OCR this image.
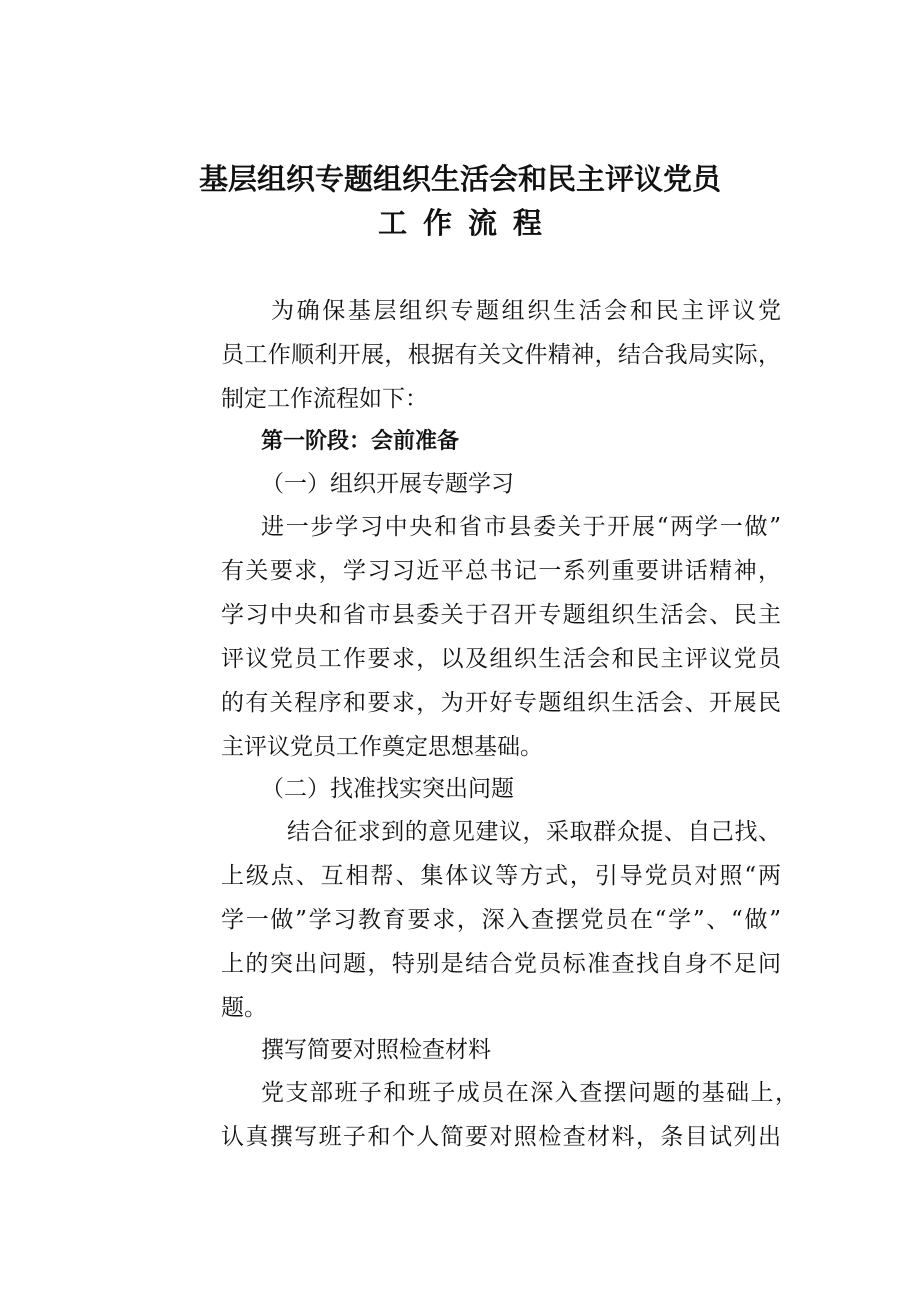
基层组织专题组织生活会和民主评议党员
工作流程
为确保基层组织专题组织生活会和民主评议党
员工作顺利开展，根据有关文件精神，结合我局实际，
制定工作流程如下：
第一阶段：会前准备
（一）组织开展专题学习
进一步学习中央和省市县委关于开展“两学一做”
有关要求，学习习近平总书记一系列重要讲话精神，
学习中央和省市县委关于召开专题组织生活会、民主
评议党员工作要求，以及组织生活会和民主评议党员
的有关程序和要求，为开好专题组织生活会、开展民
主评议党员工作奠定思想基础。
（二）找准找实突出问题
结合征求到的意见建议，采取群众提、自己找、
上级点、互相帮、集体议等方式，引导党员对照“两
学一做”学习教育要求，深入查摆党员在“学”、“做”
上的突出问题，特别是结合党员标准查找自身不足问
题。
撰写简要对照检查材料
党支部班子和班子成员在深入查摆问题的基础上，
认真撰写班子和个人简要对照检查材料，条目试列出
